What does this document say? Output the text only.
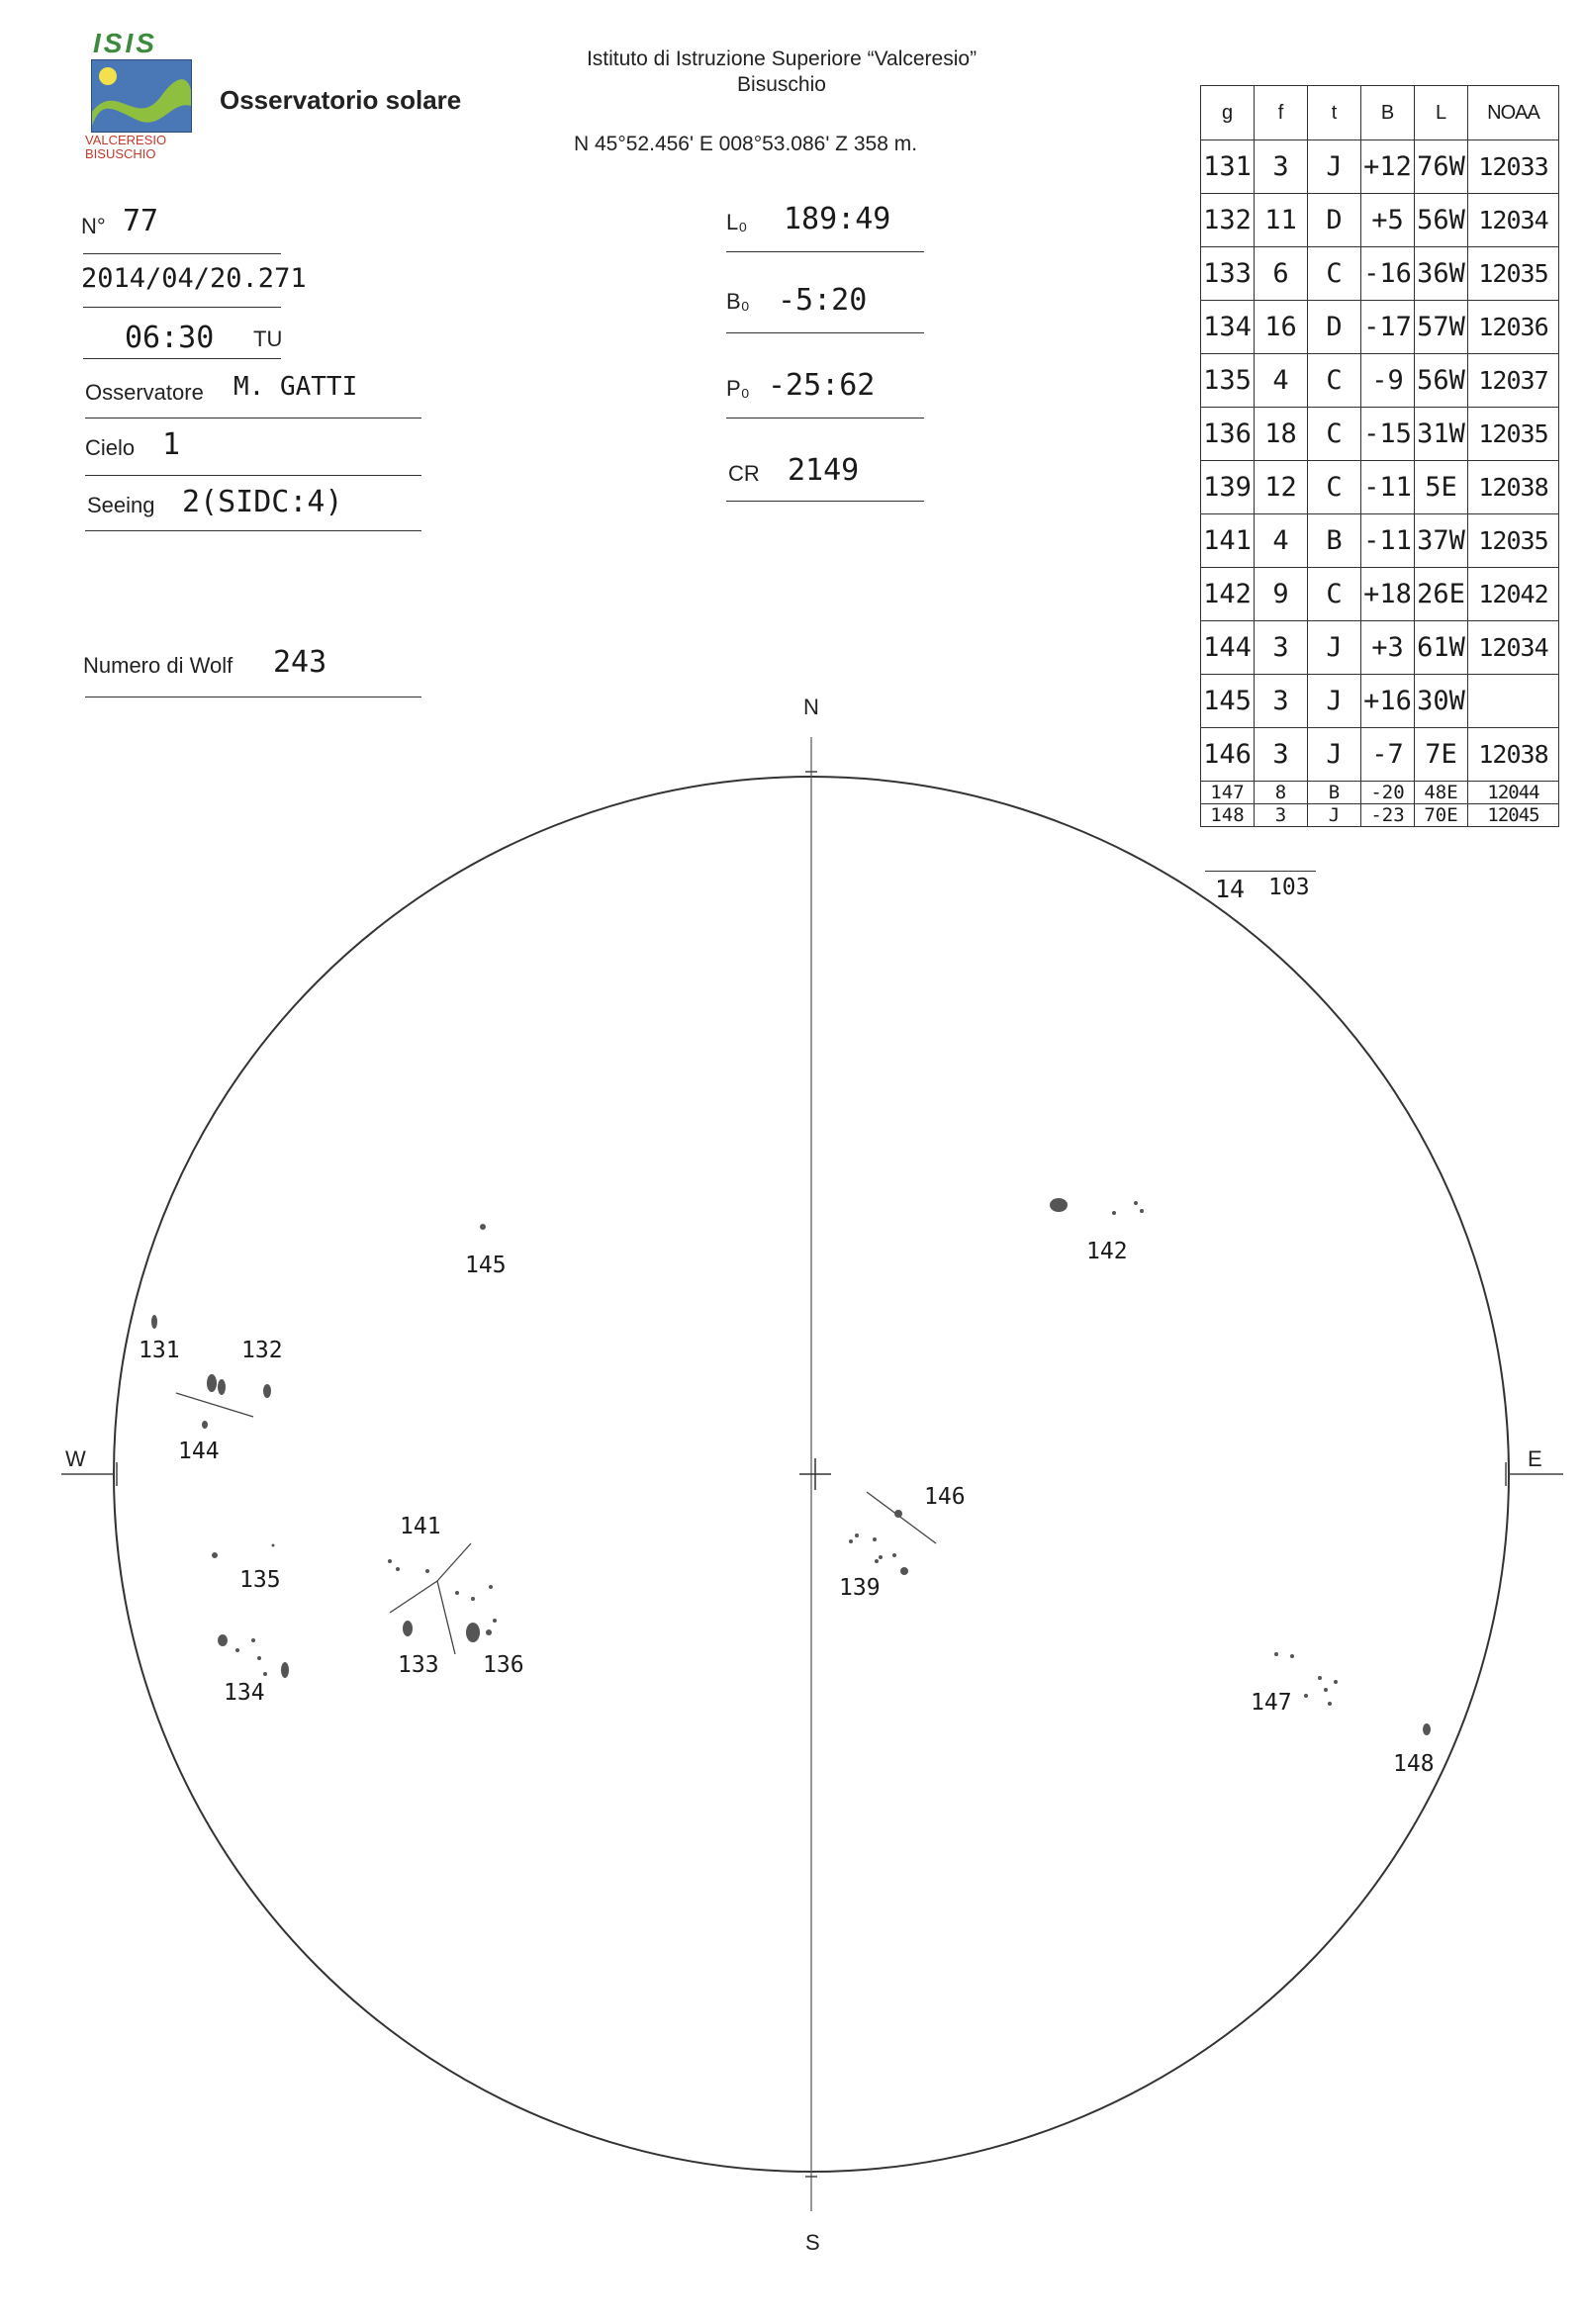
ISIS
VALCERESIO
BISUSCHIO
Osservatorio solare
Istituto di Istruzione Superiore “Valceresio”
Bisuschio
N 45°52.456' E 008°53.086' Z 358 m.
N° 77
2014/04/20.271
06:30 TU
Osservatore M. GATTI
Cielo 1
Seeing 2(SIDC:4)
Numero di Wolf 243
L₀ 189:49
B₀ -5:20
P₀ -25:62
CR 2149
g	f	t	B	L	NOAA
131	3	J	+12	76W	12033
132	11	D	+5	56W	12034
133	6	C	-16	36W	12035
134	16	D	-17	57W	12036
135	4	C	-9	56W	12037
136	18	C	-15	31W	12035
139	12	C	-11	5E	12038
141	4	B	-11	37W	12035
142	9	C	+18	26E	12042
144	3	J	+3	61W	12034
145	3	J	+16	30W	
146	3	J	-7	7E	12038
147	8	B	-20	48E	12044
148	3	J	-23	70E	12045
14 103
N
S
W	E
131	132
144
135
134
141
133 136
145
139
146
142
147
148
